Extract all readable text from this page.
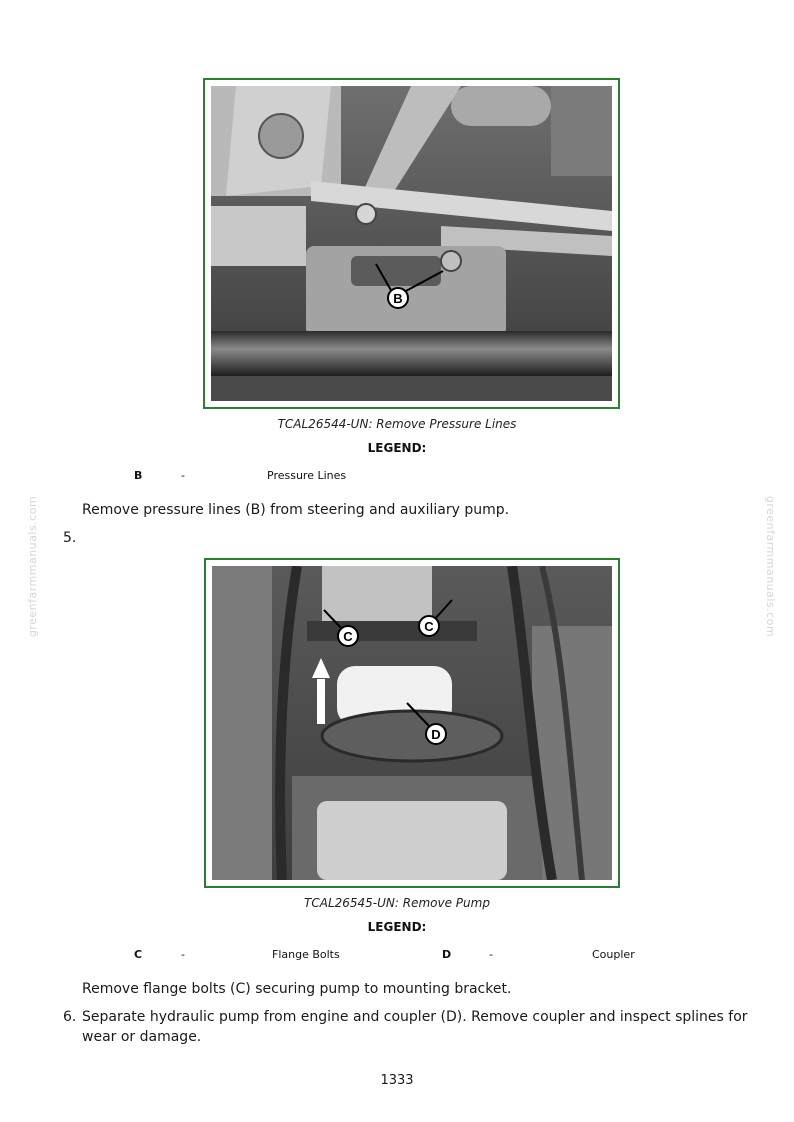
greenfarmmanuals.com	greenfarmmanuals.com
B
TCAL26544-UN: Remove Pressure Lines
LEGEND:
B	-	Pressure Lines
Remove pressure lines (B) from steering and auxiliary pump.
5.
C
C
D
TCAL26545-UN: Remove Pump
LEGEND:
C	-	Flange Bolts	D	-	Coupler
Remove flange bolts (C) securing pump to mounting bracket.
6. Separate hydraulic pump from engine and coupler (D). Remove coupler and inspect splines for wear or damage.
1333
